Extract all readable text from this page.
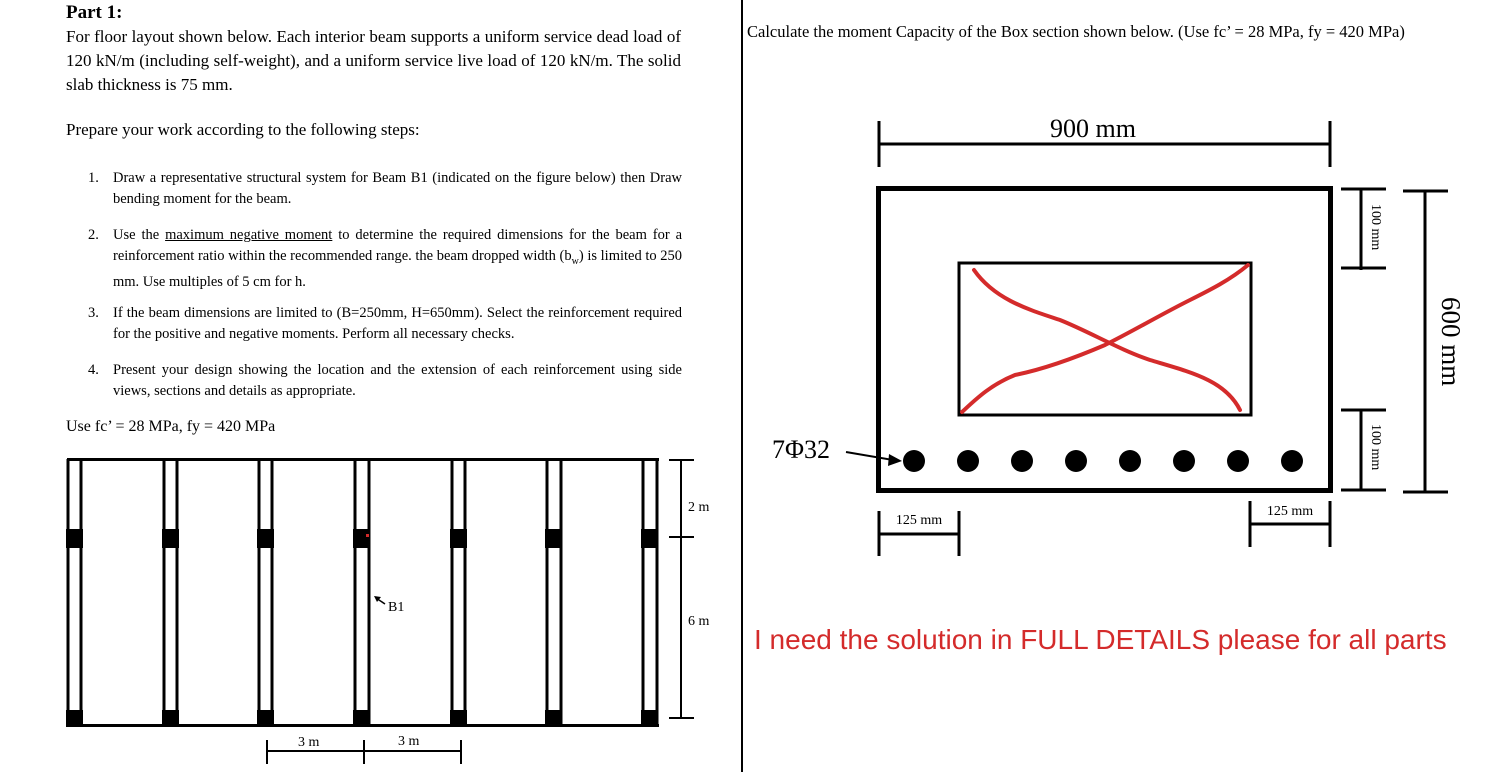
Part 1:
For floor layout shown below. Each interior beam supports a uniform service dead load of 120 kN/m (including self-weight), and a uniform service live load of 120 kN/m. The solid slab thickness is 75 mm.
Prepare your work according to the following steps:
1. Draw a representative structural system for Beam B1 (indicated on the figure below) then Draw bending moment for the beam.
2. Use the maximum negative moment to determine the required dimensions for the beam for a reinforcement ratio within the recommended range. the beam dropped width $(b_w)$ is limited to 250 mm. Use multiples of 5 cm for h.
3. If the beam dimensions are limited to (B=250mm, H=650mm). Select the reinforcement required for the positive and negative moments. Perform all necessary checks.
4. Present your design showing the location and the extension of each reinforcement using side views, sections and details as appropriate.
Use fc’ = 28 MPa, fy = 420 MPa
2 m
6 m
B1
3 m	3 m
Calculate the moment Capacity of the Box section shown below. (Use fc’ = 28 MPa, fy = 420 MPa)
900 mm
100 mm
100 mm
600 mm
7Φ32
125 mm
125 mm
I need the solution in FULL DETAILS please for all parts
